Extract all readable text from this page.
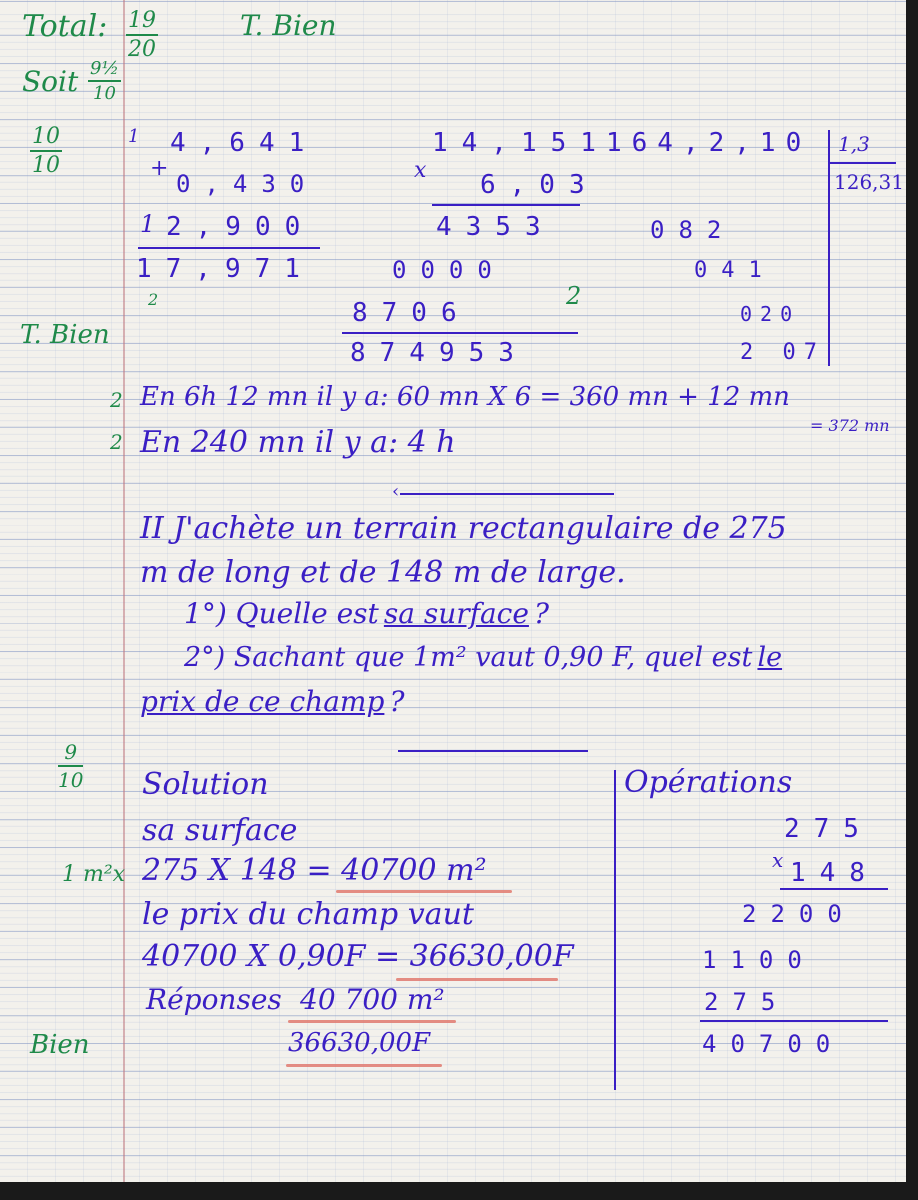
Total: $\frac{19}{20}$	T. Bien
Soit $\frac{\text{9½}}{10}$
$\frac{10}{10}$
T. Bien
2
2
$\frac{9}{10}$
Bien
1 4,641
+
0,430
1 2,900
17,971
2
14,151
x 6,03
4353
0000
8706
2
874953
164,2,10 1,3
126,31
082
041
020
2 07
En 6h 12 mn il y a: 60 mn X 6 = 360 mn + 12 mn
= 372 mn
En 240 mn il y a: 4 h
‹
II J'achète un terrain rectangulaire de 275
m de long et de 148 m de large.
1°) Quelle est sa surface ?
2°) Sachant que 1m² vaut 0,90 F, quel est le
prix de ce champ ?
Solution
sa surface
1 m²x 275 X 148 = 40700 m²
le prix du champ vaut
40700 X 0,90F = 36630,00F
Réponses 40 700 m²
36630,00F
Opérations
275
x 148
2200
1100
275
40700
